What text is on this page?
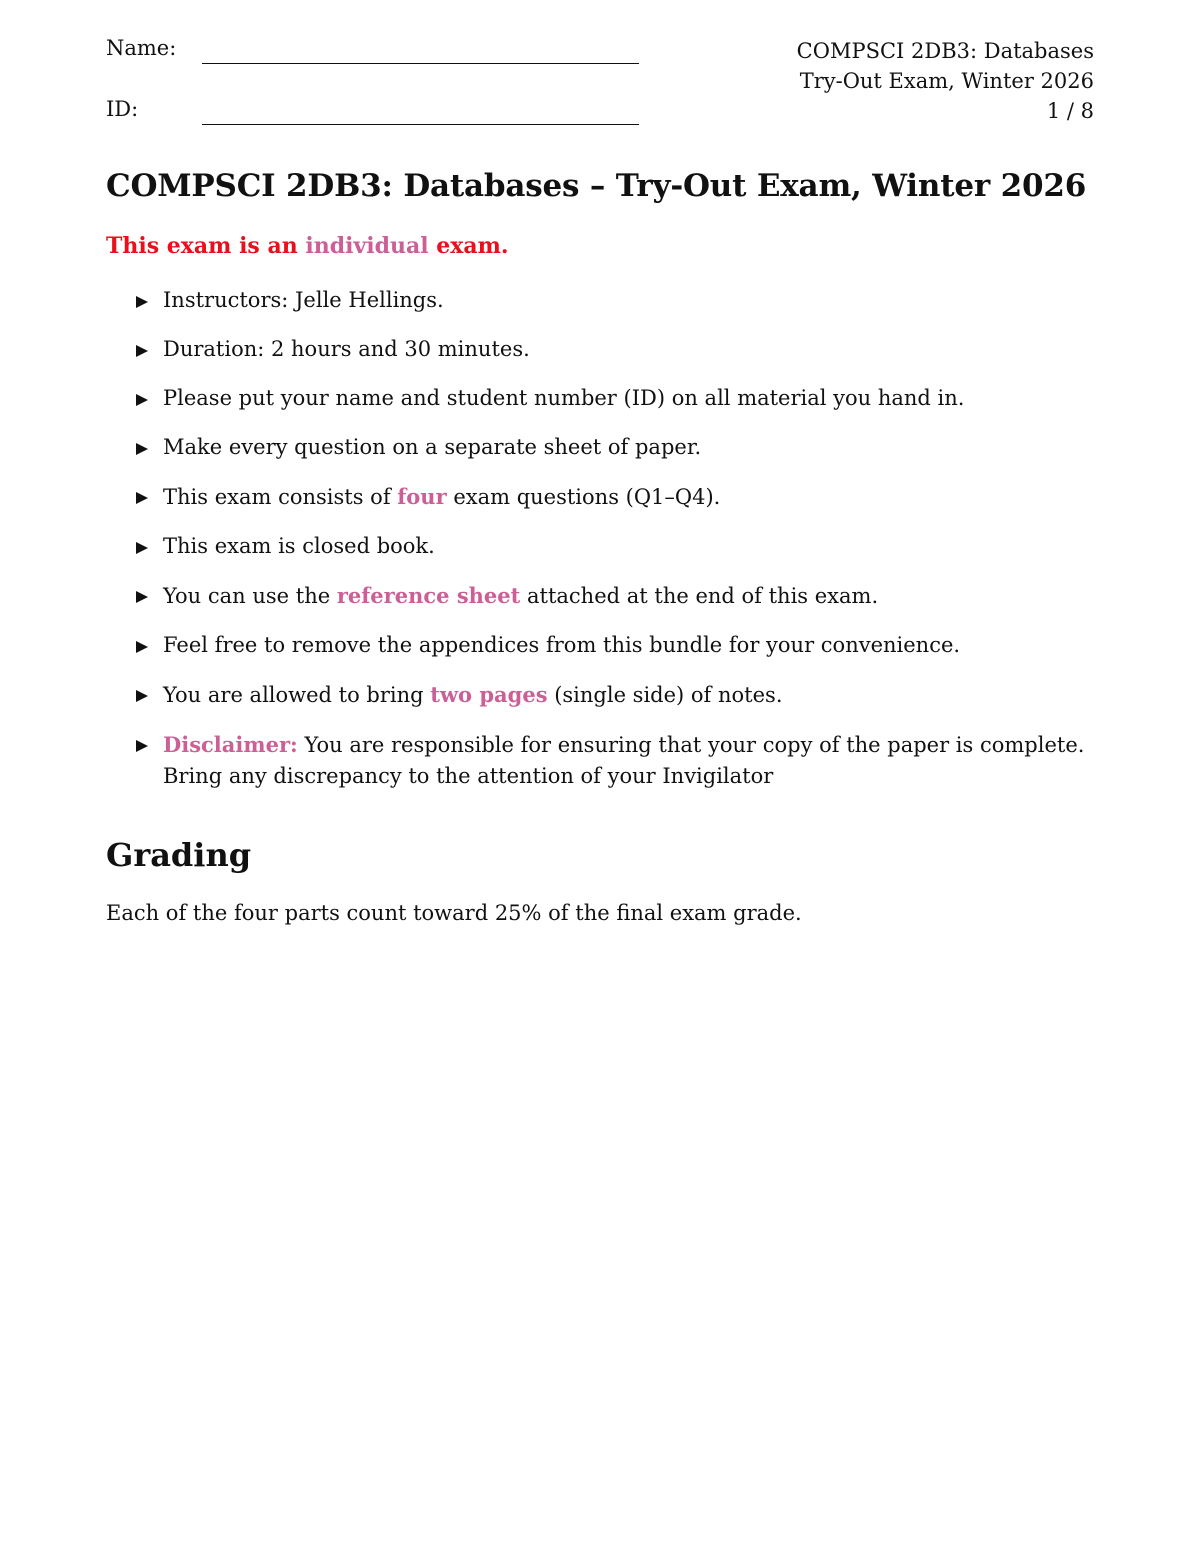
Name:
ID:
COMPSCI 2DB3: Databases
Try-Out Exam, Winter 2026
1 / 8
COMPSCI 2DB3: Databases – Try-Out Exam, Winter 2026

This exam is an individual exam.

Instructors: Jelle Hellings.
Duration: 2 hours and 30 minutes.
Please put your name and student number (ID) on all material you hand in.
Make every question on a separate sheet of paper.
This exam consists of four exam questions (Q1–Q4).
This exam is closed book.
You can use the reference sheet attached at the end of this exam.
Feel free to remove the appendices from this bundle for your convenience.
You are allowed to bring two pages (single side) of notes.
Disclaimer: You are responsible for ensuring that your copy of the paper is complete. Bring any discrepancy to the attention of your Invigilator
Grading

Each of the four parts count toward 25% of the final exam grade.
